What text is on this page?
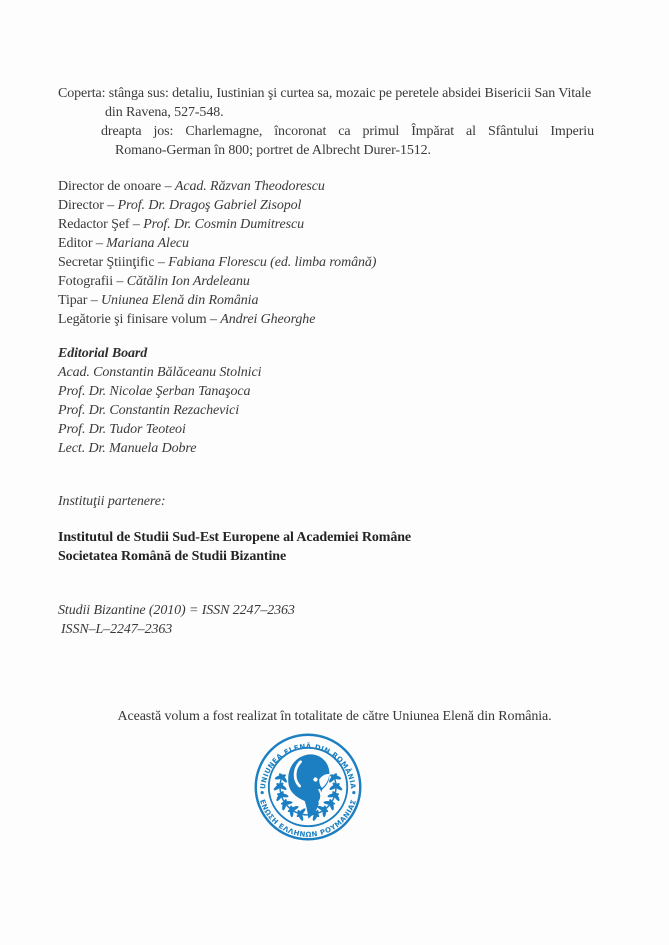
Coperta: stânga sus: detaliu, Iustinian şi curtea sa, mozaic pe peretele absidei Bisericii San Vitale
din Ravena, 527-548.
dreapta jos: Charlemagne, încoronat ca primul Împărat al Sfântului Imperiu
Romano-German în 800; portret de Albrecht Durer-1512.
Director de onoare – Acad. Răzvan Theodorescu
Director – Prof. Dr. Dragoş Gabriel Zisopol
Redactor Şef – Prof. Dr. Cosmin Dumitrescu
Editor – Mariana Alecu
Secretar Ştiinţific – Fabiana Florescu (ed. limba română)
Fotografii – Cătălin Ion Ardeleanu
Tipar – Uniunea Elenă din România
Legătorie şi finisare volum – Andrei Gheorghe
Editorial Board
Acad. Constantin Bălăceanu Stolnici
Prof. Dr. Nicolae Şerban Tanaşoca
Prof. Dr. Constantin Rezachevici
Prof. Dr. Tudor Teoteoi
Lect. Dr. Manuela Dobre
Instituţii partenere:
Institutul de Studii Sud-Est Europene al Academiei Române
Societatea Română de Studii Bizantine
Studii Bizantine (2010) = ISSN 2247–2363
ISSN–L–2247–2363
Această volum a fost realizat în totalitate de către Uniunea Elenă din România.
UNIUNEA ELENĂ DIN ROMÂNIA
ΕΝΩΣΗ ΕΛΛΗΝΩΝ ΡΟΥΜΑΝΙΑΣ
